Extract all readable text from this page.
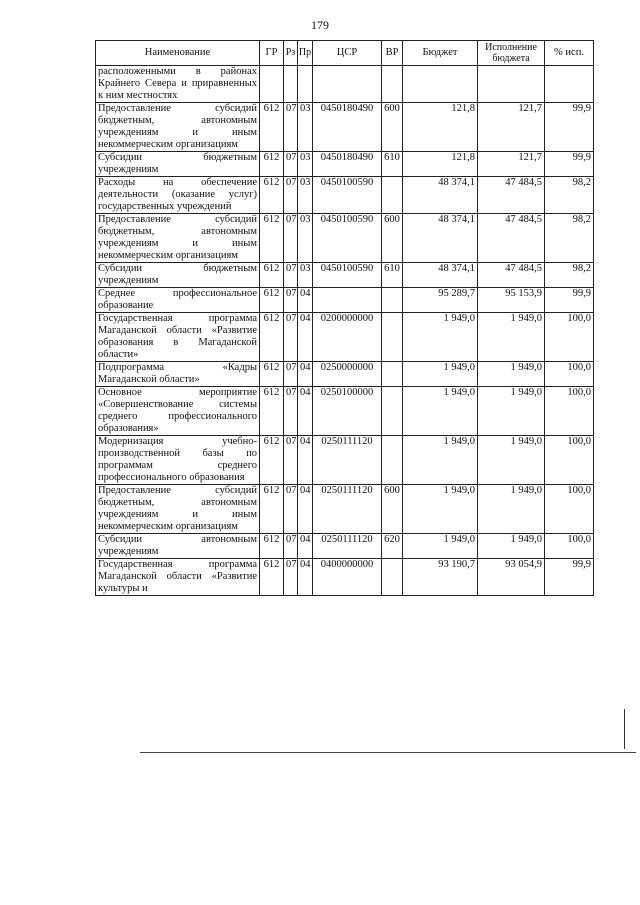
179
Наименование	ГР	Рз	Пр	ЦСР	ВР	Бюджет	Исполнение бюджета	% исп.
расположенными в районах Крайнего Севера и приравненных к ним местностях								
Предоставление субсидий бюджетным, автономным учреждениям и иным некоммерческим организациям	612	07	03	0450180490	600	121,8	121,7	99,9
Субсидии бюджетным учреждениям	612	07	03	0450180490	610	121,8	121,7	99,9
Расходы на обеспечение деятельности (оказание услуг) государственных учреждений	612	07	03	0450100590		48 374,1	47 484,5	98,2
Предоставление субсидий бюджетным, автономным учреждениям и иным некоммерческим организациям	612	07	03	0450100590	600	48 374,1	47 484,5	98,2
Субсидии бюджетным учреждениям	612	07	03	0450100590	610	48 374,1	47 484,5	98,2
Среднее профессиональное образование	612	07	04			95 289,7	95 153,9	99,9
Государственная программа Магаданской области «Развитие образования в Магаданской области»	612	07	04	0200000000		1 949,0	1 949,0	100,0
Подпрограмма «Кадры Магаданской области»	612	07	04	0250000000		1 949,0	1 949,0	100,0
Основное мероприятие «Совершенствование системы среднего профессионального образования»	612	07	04	0250100000		1 949,0	1 949,0	100,0
Модернизация учебно-производственной базы по программам среднего профессионального образования	612	07	04	0250111120		1 949,0	1 949,0	100,0
Предоставление субсидий бюджетным, автономным учреждениям и иным некоммерческим организациям	612	07	04	0250111120	600	1 949,0	1 949,0	100,0
Субсидии автономным учреждениям	612	07	04	0250111120	620	1 949,0	1 949,0	100,0
Государственная программа Магаданской области «Развитие культуры и	612	07	04	0400000000		93 190,7	93 054,9	99,9
